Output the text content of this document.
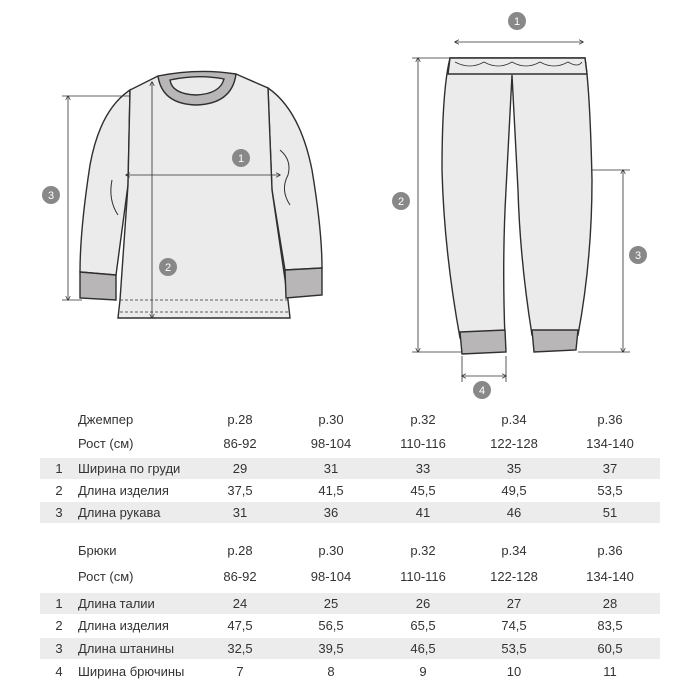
1
2
3
1
2
3
4
Джемпер	р.28	р.30	р.32	р.34	р.36
Рост (см)	86-92	98-104	110-116	122-128	134-140
1 Ширина по груди	29	31	33	35	37
2 Длина изделия	37,5	41,5	45,5	49,5	53,5
3 Длина рукава	31	36	41	46	51
Брюки	р.28	р.30	р.32	р.34	р.36
Рост (см)	86-92	98-104	110-116	122-128	134-140
1 Длина талии	24	25	26	27	28
2 Длина изделия	47,5	56,5	65,5	74,5	83,5
3 Длина штанины	32,5	39,5	46,5	53,5	60,5
4 Ширина брючины	7	8	9	10	11
